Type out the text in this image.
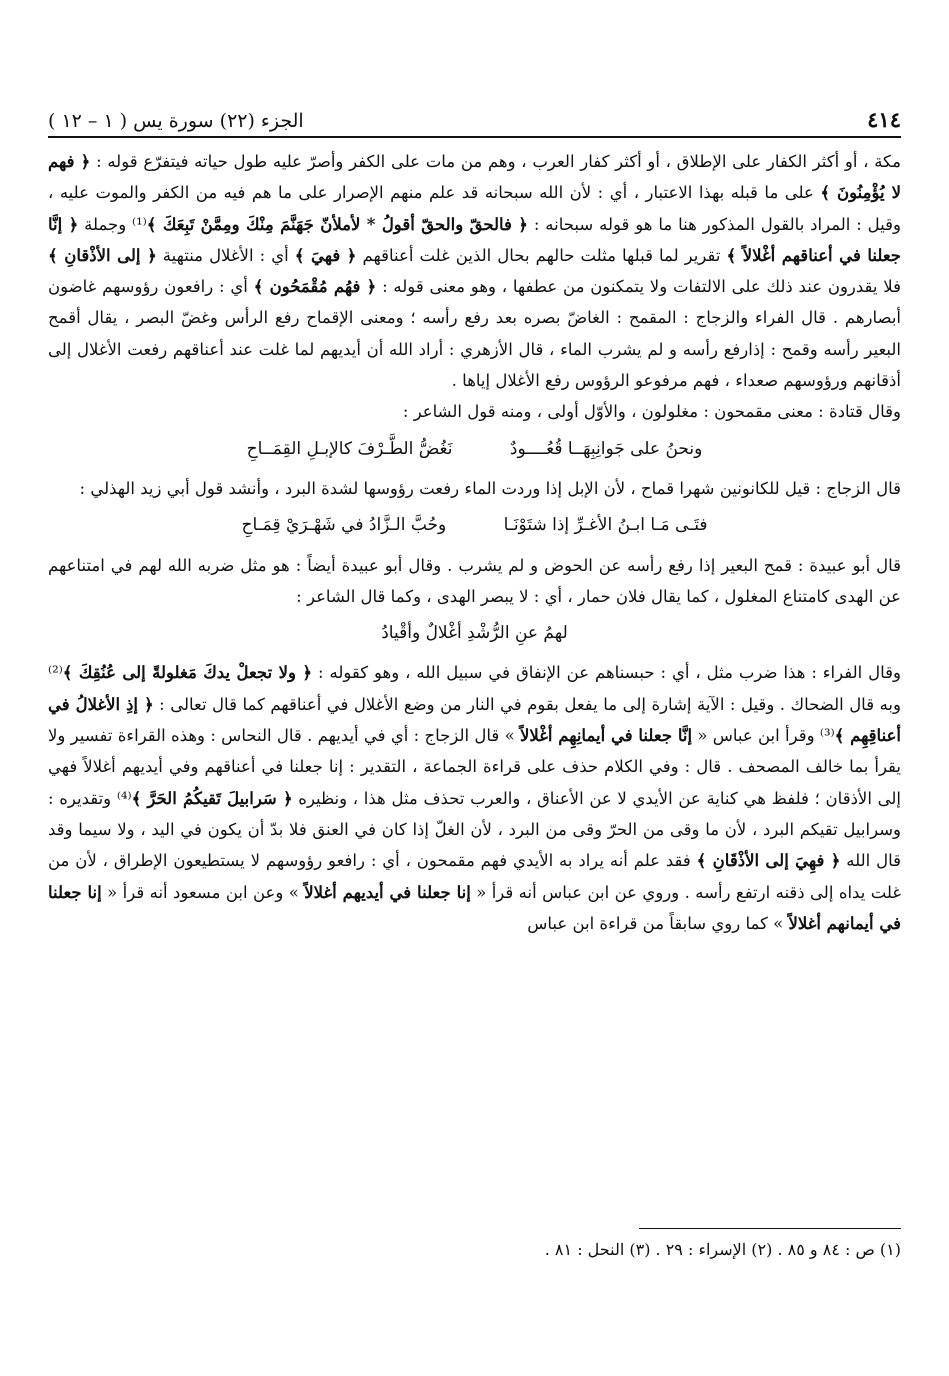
٤١٤
الجزء (٢٢) سورة يس ( ١ – ١٢ )

مكة ، أو أكثر الكفار على الإطلاق ، أو أكثر كفار العرب ، وهم من مات على الكفر وأصرّ عليه طول حياته فيتفرّع قوله : ﴿ فهم لا يُؤْمِنُونَ ﴾ على ما قبله بهذا الاعتبار ، أي : لأن الله سبحانه قد علم منهم الإصرار على ما هم فيه من الكفر والموت عليه ، وقيل : المراد بالقول المذكور هنا ما هو قوله سبحانه : ﴿ فالحقّ والحقّ أقولُ * لأملأنّ جَهَنَّمَ مِنْكَ ومِمَّنْ تَبِعَكَ ﴾⁽¹⁾ وجملة ﴿ إنَّا جعلنا في أعناقهم أغْلالاً ﴾ تقرير لما قبلها مثلت حالهم بحال الذين غلت أعناقهم ﴿ فهيَ ﴾ أي : الأغلال منتهية ﴿ إلى الأذْقانِ ﴾ فلا يقدرون عند ذلك على الالتفات ولا يتمكنون من عطفها ، وهو معنى قوله : ﴿ فهُم مُقْمَحُون ﴾ أي : رافعون رؤوسهم غاضون أبصارهم . قال الفراء والزجاج : المقمح : الغاضّ بصره بعد رفع رأسه ؛ ومعنى الإقماح رفع الرأس وغضّ البصر ، يقال أقمح البعير رأسه وقمح : إذارفع رأسه و لم يشرب الماء ، قال الأزهري : أراد الله أن أيديهم لما غلت عند أعناقهم رفعت الأغلال إلى أذقانهم ورؤوسهم صعداء ، فهم مرفوعو الرؤوس رفع الأغلال إياها .

وقال قتادة : معنى مقمحون : مغلولون ، والأوّل أولى ، ومنه قول الشاعر :

ونحنُ على جَوانِبِهَــا قُعُــــودٌ نَغُضُّ الطَّـرْفَ كالإبـلِ القِمَــاحِ

قال الزجاج : قيل للكانونين شهرا قماح ، لأن الإبل إذا وردت الماء رفعت رؤوسها لشدة البرد ، وأنشد قول أبي زيد الهذلي :

فتَـى مَـا ابـنُ الأغـرِّ إذا شتَوْنَـا وحُبَّ الـزَّادُ في شَهْـرَيْ قِمَـاحِ

قال أبو عبيدة : قمح البعير إذا رفع رأسه عن الحوض و لم يشرب . وقال أبو عبيدة أيضاً : هو مثل ضربه الله لهم في امتناعهم عن الهدى كامتناع المغلول ، كما يقال فلان حمار ، أي : لا يبصر الهدى ، وكما قال الشاعر :

لهمُ عنِ الرُّشْدِ أغْلالٌ وأقْيادُ

وقال الفراء : هذا ضرب مثل ، أي : حبسناهم عن الإنفاق في سبيل الله ، وهو كقوله : ﴿ ولا تجعلْ يدكَ مَغلولةً إلى عُنُقِكَ ﴾⁽²⁾ وبه قال الضحاك . وقيل : الآية إشارة إلى ما يفعل بقوم في النار من وضع الأغلال في أعناقهم كما قال تعالى : ﴿ إذِ الأغلالُ في أعناقِهِم ﴾⁽³⁾ وقرأ ابن عباس « إنَّا جعلنا في أيمانِهِم أغْلالاً » قال الزجاج : أي في أيديهم . قال النحاس : وهذه القراءة تفسير ولا يقرأ بما خالف المصحف . قال : وفي الكلام حذف على قراءة الجماعة ، التقدير : إنا جعلنا في أعناقهم وفي أيديهم أغلالاً فهي إلى الأذقان ؛ فلفظ هي كناية عن الأيدي لا عن الأعناق ، والعرب تحذف مثل هذا ، ونظيره ﴿ سَرابيلَ تَقيكُمُ الحَرَّ ﴾⁽⁴⁾ وتقديره : وسرابيل تقيكم البرد ، لأن ما وقى من الحرّ وقى من البرد ، لأن الغلّ إذا كان في العنق فلا بدّ أن يكون في اليد ، ولا سيما وقد قال الله ﴿ فهِيَ إلى الأذْقَانِ ﴾ فقد علم أنه يراد به الأيدي فهم مقمحون ، أي : رافعو رؤوسهم لا يستطيعون الإطراق ، لأن من غلت يداه إلى ذقنه ارتفع رأسه . وروي عن ابن عباس أنه قرأ « إنا جعلنا في أيديهم أغلالاً » وعن ابن مسعود أنه قرأ « إنا جعلنا في أيمانهم أغلالاً » كما روي سابقاً من قراءة ابن عباس

(١) ص : ٨٤ و ٨٥ . (٢) الإسراء : ٢٩ . (٣) النحل : ٨١ .
